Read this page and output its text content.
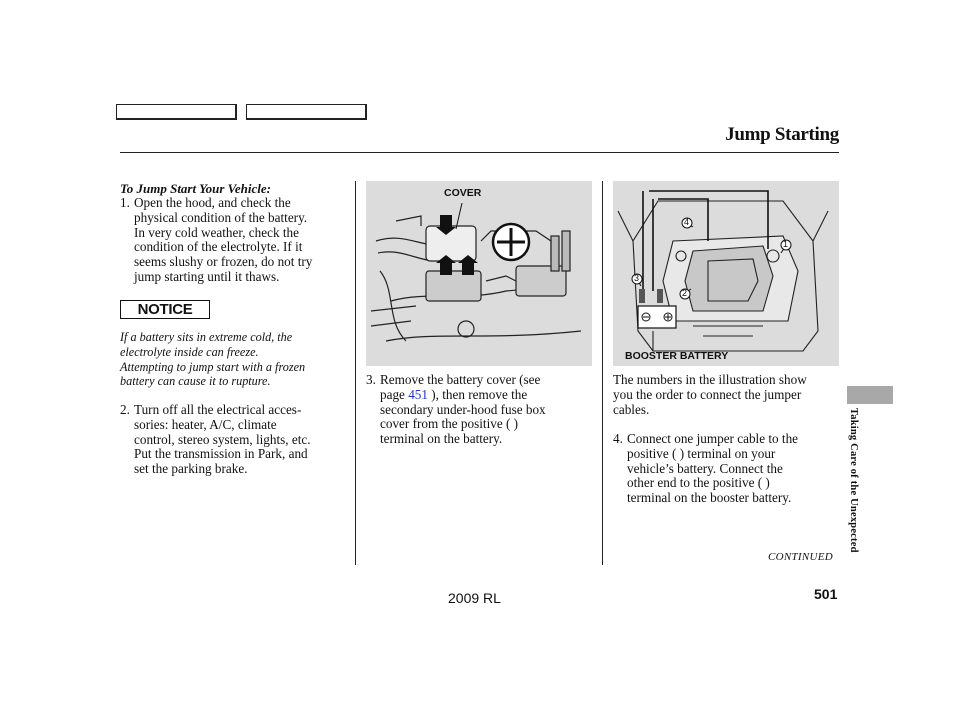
Jump Starting
To Jump Start Your Vehicle:
1. Open the hood, and check the
physical condition of the battery.
In very cold weather, check the
condition of the electrolyte. If it
seems slushy or frozen, do not try
jump starting until it thaws.
NOTICE
If a battery sits in extreme cold, the
electrolyte inside can freeze.
Attempting to jump start with a frozen
battery can cause it to rupture.
2. Turn off all the electrical acces-
sories: heater, A/C, climate
control, stereo system, lights, etc.
Put the transmission in Park, and
set the parking brake.
COVER
3. Remove the battery cover (see
page 451 ), then remove the
secondary under-hood fuse box
cover from the positive ( )
terminal on the battery.
1
2
3
4
BOOSTER BATTERY
The numbers in the illustration show
you the order to connect the jumper
cables.
4. Connect one jumper cable to the
positive ( ) terminal on your
vehicle’s battery. Connect the
other end to the positive ( )
terminal on the booster battery.
CONTINUED
Taking Care of the Unexpected
2009 RL	501
